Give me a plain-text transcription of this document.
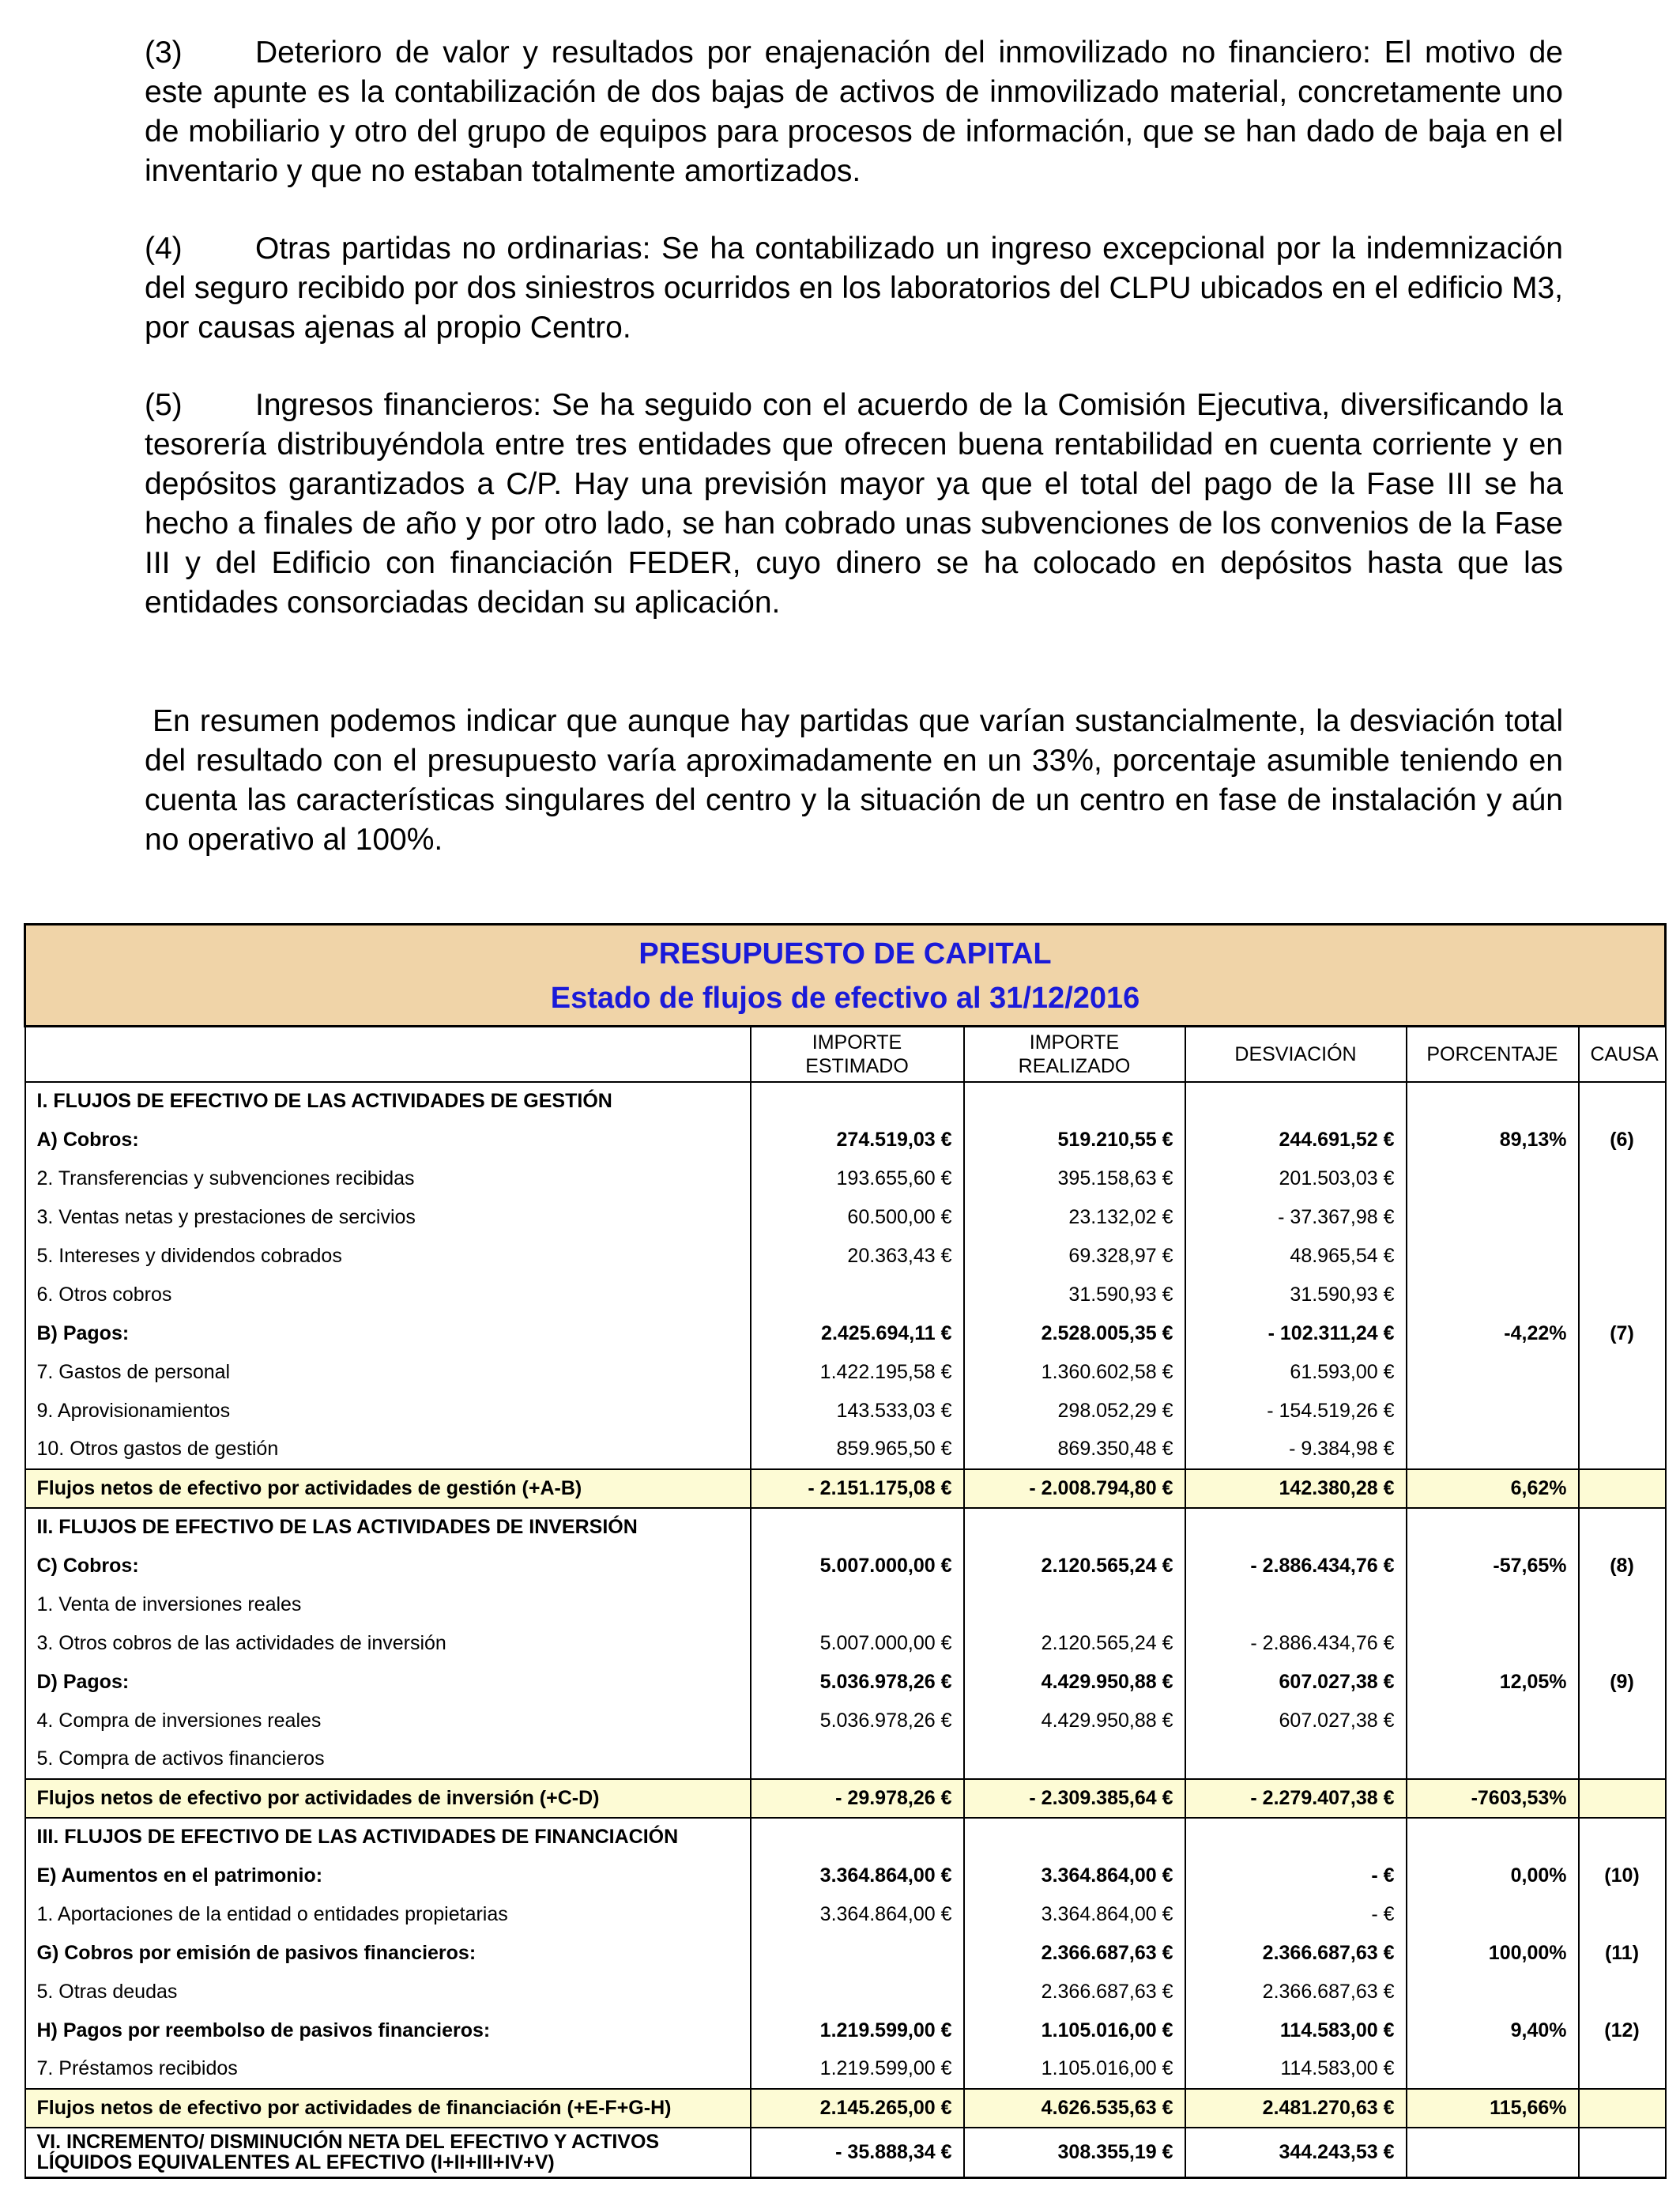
(3) Deterioro de valor y resultados por enajenación del inmovilizado no financiero: El motivo de este apunte es la contabilización de dos bajas de activos de inmovilizado material, concretamente uno de mobiliario y otro del grupo de equipos para procesos de información, que se han dado de baja en el inventario y que no estaban totalmente amortizados.

(4) Otras partidas no ordinarias: Se ha contabilizado un ingreso excepcional por la indemnización del seguro recibido por dos siniestros ocurridos en los laboratorios del CLPU ubicados en el edificio M3, por causas ajenas al propio Centro.

(5) Ingresos financieros: Se ha seguido con el acuerdo de la Comisión Ejecutiva, diversificando la tesorería distribuyéndola entre tres entidades que ofrecen buena rentabilidad en cuenta corriente y en depósitos garantizados a C/P. Hay una previsión mayor ya que el total del pago de la Fase III se ha hecho a finales de año y por otro lado, se han cobrado unas subvenciones de los convenios de la Fase III y del Edificio con financiación FEDER, cuyo dinero se ha colocado en depósitos hasta que las entidades consorciadas decidan su aplicación.

En resumen podemos indicar que aunque hay partidas que varían sustancialmente, la desviación total del resultado con el presupuesto varía aproximadamente en un 33%, porcentaje asumible teniendo en cuenta las características singulares del centro y la situación de un centro en fase de instalación y aún no operativo al 100%.

PRESUPUESTO DE CAPITAL
Estado de flujos de efectivo al 31/12/2016					

	IMPORTE ESTIMADO	IMPORTE REALIZADO	DESVIACIÓN	PORCENTAJE	CAUSA
I. FLUJOS DE EFECTIVO DE LAS ACTIVIDADES DE GESTIÓN					
A) Cobros:	274.519,03 €	519.210,55 €	244.691,52 €	89,13%	(6)
2. Transferencias y subvenciones recibidas	193.655,60 €	395.158,63 €	201.503,03 €		
3. Ventas netas y prestaciones de sercivios	60.500,00 €	23.132,02 €	- 37.367,98 €		
5. Intereses y dividendos cobrados	20.363,43 €	69.328,97 €	48.965,54 €		
6. Otros cobros		31.590,93 €	31.590,93 €		
B) Pagos:	2.425.694,11 €	2.528.005,35 €	- 102.311,24 €	-4,22%	(7)
7. Gastos de personal	1.422.195,58 €	1.360.602,58 €	61.593,00 €		
9. Aprovisionamientos	143.533,03 €	298.052,29 €	- 154.519,26 €		
10. Otros gastos de gestión	859.965,50 €	869.350,48 €	- 9.384,98 €		
Flujos netos de efectivo por actividades de gestión (+A-B)	- 2.151.175,08 €	- 2.008.794,80 €	142.380,28 €	6,62%	
II. FLUJOS DE EFECTIVO DE LAS ACTIVIDADES DE INVERSIÓN					
C) Cobros:	5.007.000,00 €	2.120.565,24 €	- 2.886.434,76 €	-57,65%	(8)
1. Venta de inversiones reales					
3. Otros cobros de las actividades de inversión	5.007.000,00 €	2.120.565,24 €	- 2.886.434,76 €		
D) Pagos:	5.036.978,26 €	4.429.950,88 €	607.027,38 €	12,05%	(9)
4. Compra de inversiones reales	5.036.978,26 €	4.429.950,88 €	607.027,38 €		
5. Compra de activos financieros					
Flujos netos de efectivo por actividades de inversión (+C-D)	- 29.978,26 €	- 2.309.385,64 €	- 2.279.407,38 €	-7603,53%	
III. FLUJOS DE EFECTIVO DE LAS ACTIVIDADES DE FINANCIACIÓN					
E) Aumentos en el patrimonio:	3.364.864,00 €	3.364.864,00 €	- €	0,00%	(10)
1. Aportaciones de la entidad o entidades propietarias	3.364.864,00 €	3.364.864,00 €	- €		
G) Cobros por emisión de pasivos financieros:		2.366.687,63 €	2.366.687,63 €	100,00%	(11)
5. Otras deudas		2.366.687,63 €	2.366.687,63 €		
H) Pagos por reembolso de pasivos financieros:	1.219.599,00 €	1.105.016,00 €	114.583,00 €	9,40%	(12)
7. Préstamos recibidos	1.219.599,00 €	1.105.016,00 €	114.583,00 €		
Flujos netos de efectivo por actividades de financiación (+E-F+G-H)	2.145.265,00 €	4.626.535,63 €	2.481.270,63 €	115,66%	
VI. INCREMENTO/ DISMINUCIÓN NETA DEL EFECTIVO Y ACTIVOS LÍQUIDOS EQUIVALENTES AL EFECTIVO (I+II+III+IV+V)	- 35.888,34 €	308.355,19 €	344.243,53 €		
